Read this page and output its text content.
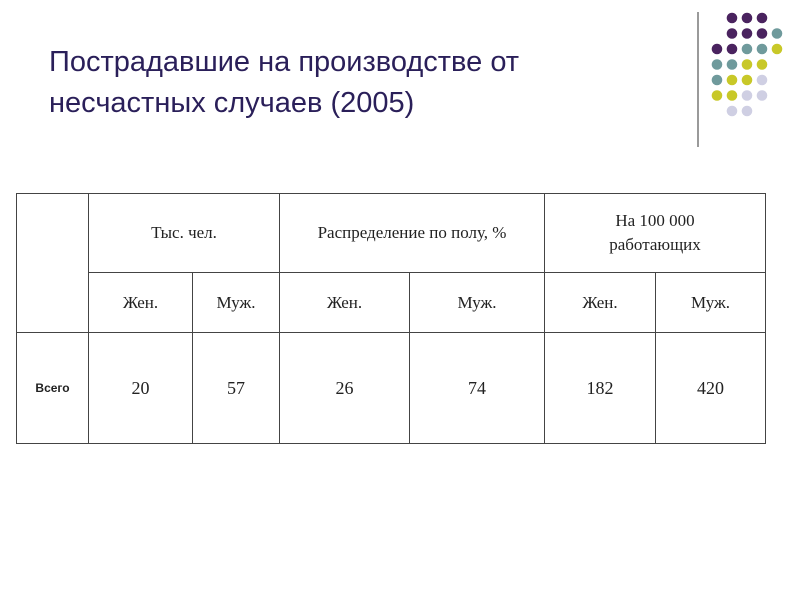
Пострадавшие на производстве от
несчастных случаев (2005)
	Тыс. чел.		Распределение по полу, %		На 100 000 работающих	
	Жен.	Муж.	Жен.	Муж.	Жен.	Муж.
Всего	20	57	26	74	182	420
